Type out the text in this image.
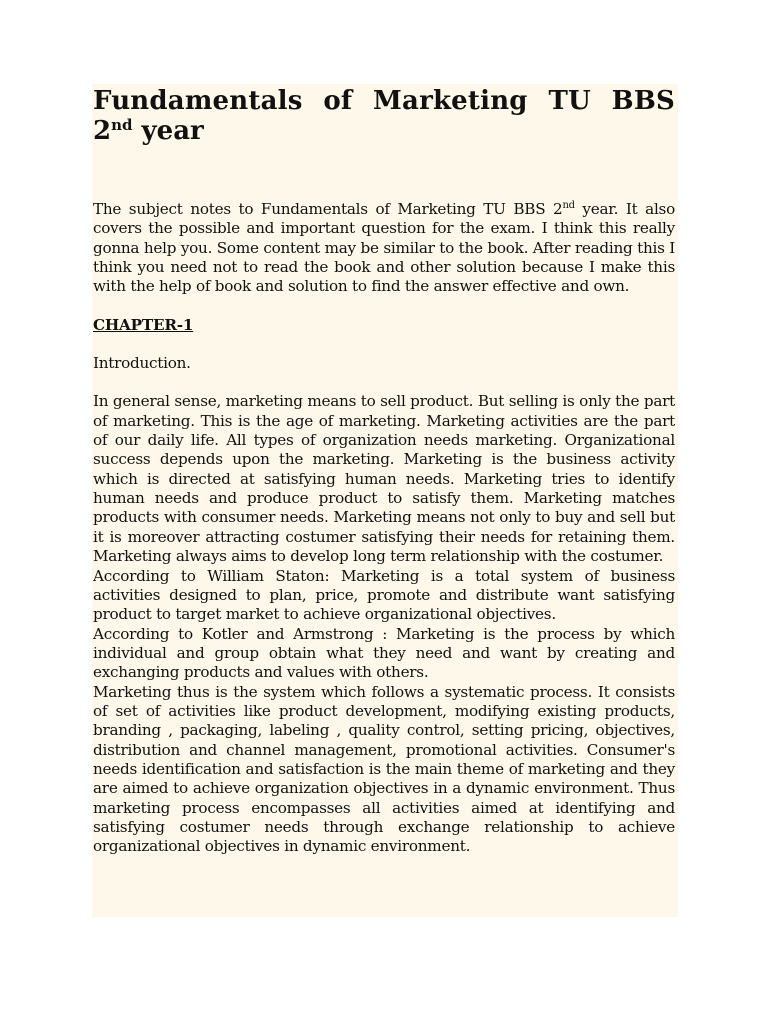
Fundamentals of Marketing TU BBS
2nd year

The subject notes to Fundamentals of Marketing TU BBS 2nd year. It also covers the possible and important question for the exam. I think this really gonna help you. Some content may be similar to the book. After reading this I think you need not to read the book and other solution because I make this with the help of book and solution to find the answer effective and own.

CHAPTER-1

Introduction.

In general sense, marketing means to sell product. But selling is only the part of marketing. This is the age of marketing. Marketing activities are the part of our daily life. All types of organization needs marketing. Organizational success depends upon the marketing. Marketing is the business activity which is directed at satisfying human needs. Marketing tries to identify human needs and produce product to satisfy them. Marketing matches products with consumer needs. Marketing means not only to buy and sell but it is moreover attracting costumer satisfying their needs for retaining them. Marketing always aims to develop long term relationship with the costumer.

According to William Staton: Marketing is a total system of business activities designed to plan, price, promote and distribute want satisfying product to target market to achieve organizational objectives.

According to Kotler and Armstrong : Marketing is the process by which individual and group obtain what they need and want by creating and exchanging products and values with others.

Marketing thus is the system which follows a systematic process. It consists of set of activities like product development, modifying existing products, branding , packaging, labeling , quality control, setting pricing, objectives, distribution and channel management, promotional activities. Consumer's needs identification and satisfaction is the main theme of marketing and they are aimed to achieve organization objectives in a dynamic environment. Thus marketing process encompasses all activities aimed at identifying and satisfying costumer needs through exchange relationship to achieve organizational objectives in dynamic environment.
